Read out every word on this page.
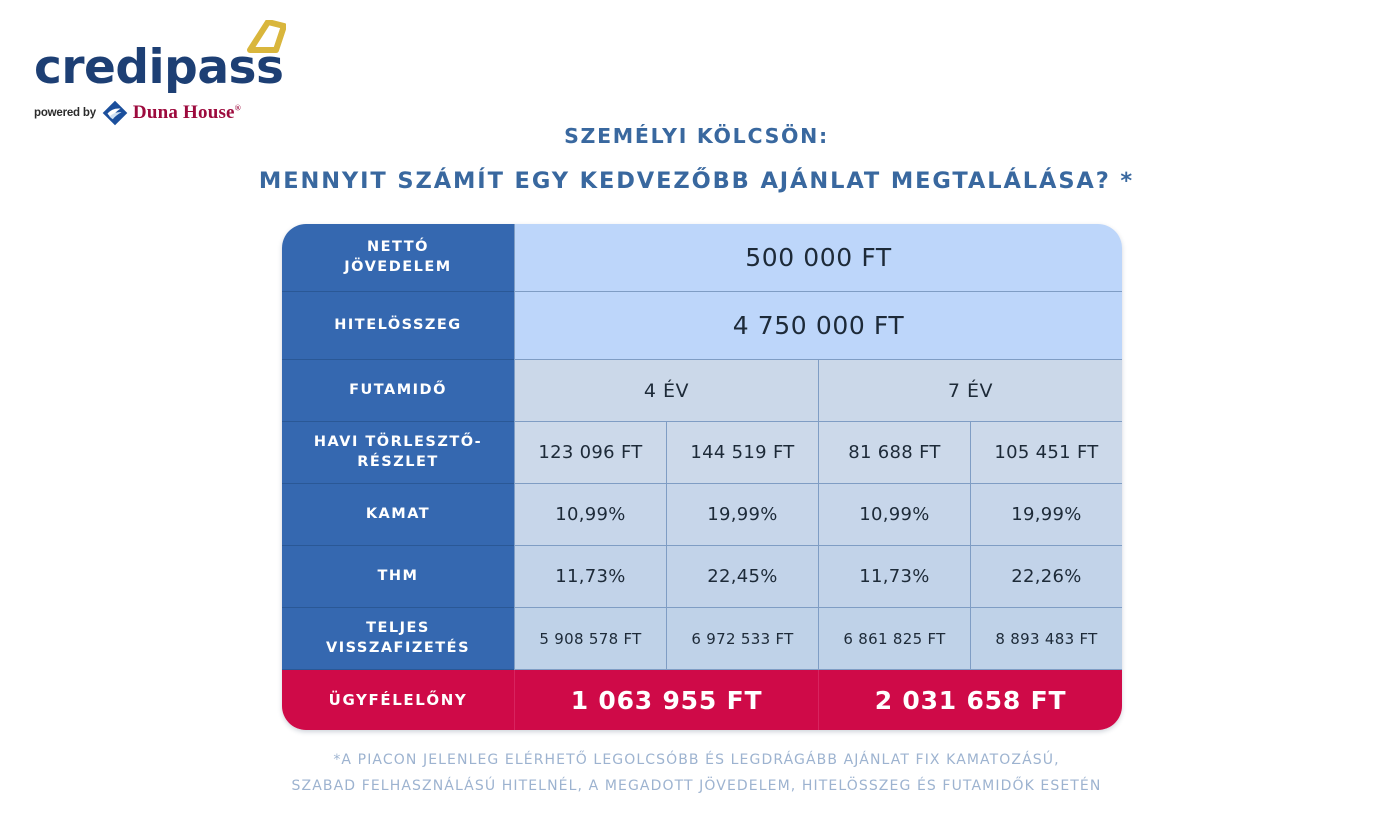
credipass
powered by Duna House®
SZEMÉLYI KÖLCSÖN:
MENNYIT SZÁMÍT EGY KEDVEZŐBB AJÁNLAT MEGTALÁLÁSA? *
NETTÓ
JÖVEDELEM	500 000 FT
HITELÖSSZEG	4 750 000 FT
FUTAMIDŐ	4 ÉV	7 ÉV
HAVI TÖRLESZTŐ-
RÉSZLET	123 096 FT	144 519 FT	81 688 FT	105 451 FT
KAMAT	10,99%	19,99%	10,99%	19,99%
THM	11,73%	22,45%	11,73%	22,26%
TELJES
VISSZAFIZETÉS	5 908 578 FT	6 972 533 FT	6 861 825 FT	8 893 483 FT
ÜGYFÉLELŐNY	1 063 955 FT	2 031 658 FT
*A PIACON JELENLEG ELÉRHETŐ LEGOLCSÓBB ÉS LEGDRÁGÁBB AJÁNLAT FIX KAMATOZÁSÚ,
SZABAD FELHASZNÁLÁSÚ HITELNÉL, A MEGADOTT JÖVEDELEM, HITELÖSSZEG ÉS FUTAMIDŐK ESETÉN
